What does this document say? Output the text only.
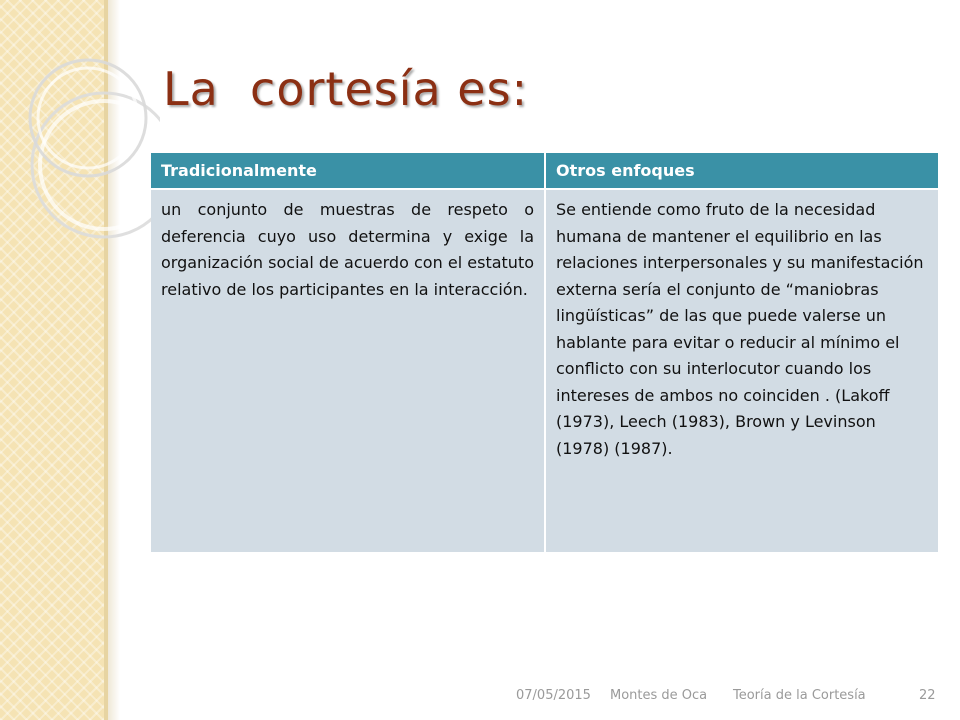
La  cortesía es:
Tradicionalmente	Otros enfoques
un conjunto de muestras de respeto o deferencia cuyo uso determina y exige la organización social de acuerdo con el estatuto relativo de los participantes en la interacción.	Se entiende como fruto de la necesidad humana de mantener el equilibrio en las relaciones interpersonales y su manifestación externa sería el conjunto de “maniobras lingüísticas” de las que puede valerse un hablante para evitar o reducir al mínimo el conflicto con su interlocutor cuando los intereses de ambos no coinciden . (Lakoff (1973), Leech (1983), Brown y Levinson (1978) (1987).
07/05/2015 Montes de Oca Teoría de la Cortesía	22
